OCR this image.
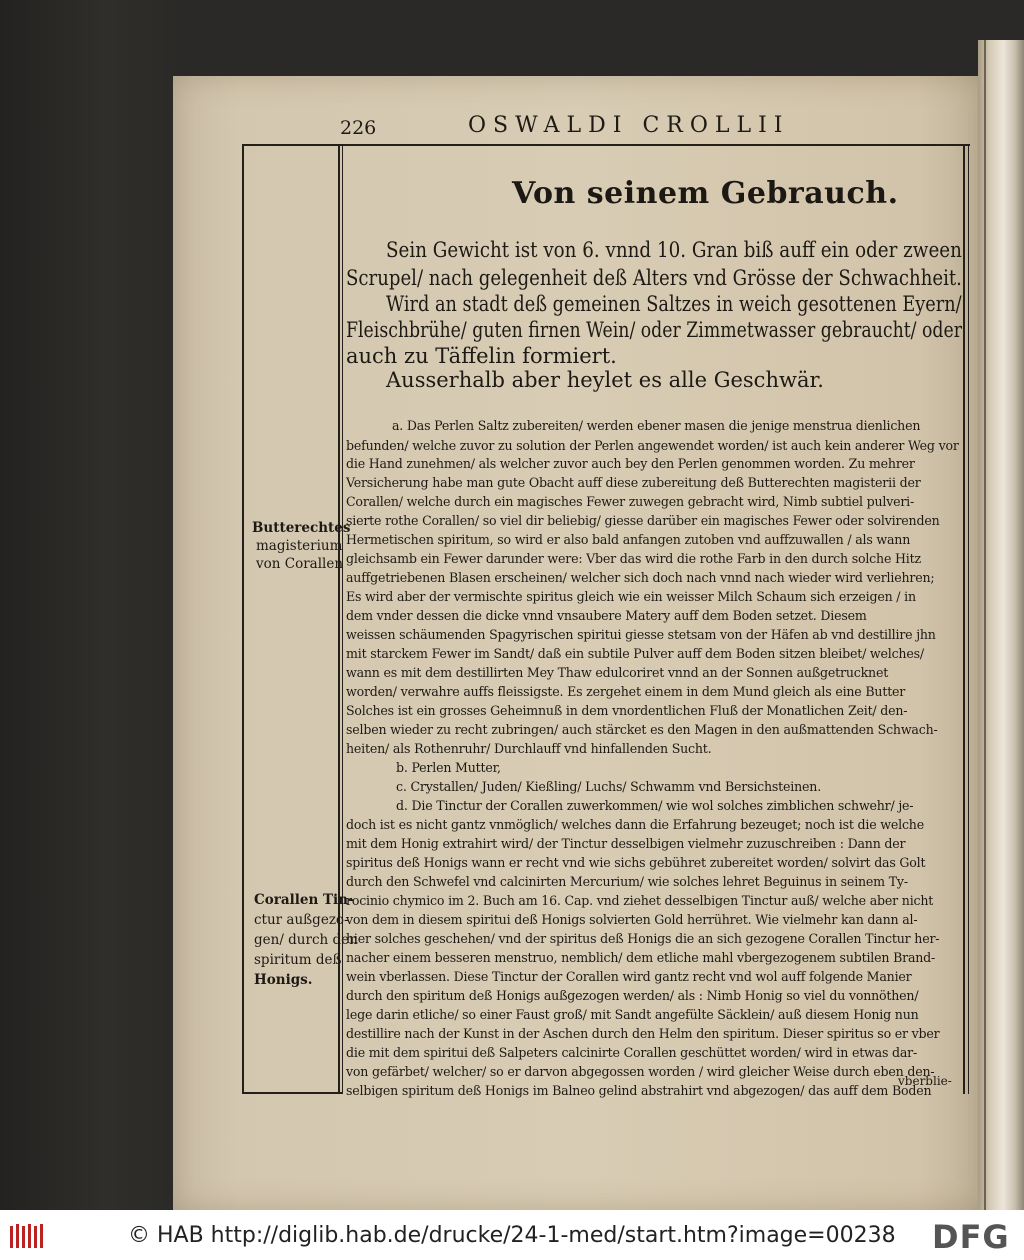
226	OSWALDI CROLLII
Von seinem Gebrauch.
Sein Gewicht ist von 6. vnnd 10. Gran biß auff ein oder zween
Scrupel/ nach gelegenheit deß Alters vnd Grösse der Schwachheit.
Wird an stadt deß gemeinen Saltzes in weich gesottenen Eyern/
Fleischbrühe/ guten firnen Wein/ oder Zimmetwasser gebraucht/ oder
auch zu Täffelin formiert.
Ausserhalb aber heylet es alle Geschwär.
a. Das Perlen Saltz zubereiten/ werden ebener masen die jenige menstrua dienlichen
befunden/ welche zuvor zu solution der Perlen angewendet worden/ ist auch kein anderer Weg vor
die Hand zunehmen/ als welcher zuvor auch bey den Perlen genommen worden. Zu mehrer
Versicherung habe man gute Obacht auff diese zubereitung deß Butterechten magisterii der
Corallen/ welche durch ein magisches Fewer zuwegen gebracht wird, Nimb subtiel pulveri-
sierte rothe Corallen/ so viel dir beliebig/ giesse darüber ein magisches Fewer oder solvirenden
Hermetischen spiritum, so wird er also bald anfangen zutoben vnd auffzuwallen / als wann
gleichsamb ein Fewer darunder were: Vber das wird die rothe Farb in den durch solche Hitz
auffgetriebenen Blasen erscheinen/ welcher sich doch nach vnnd nach wieder wird verliehren;
Es wird aber der vermischte spiritus gleich wie ein weisser Milch Schaum sich erzeigen / in
dem vnder dessen die dicke vnnd vnsaubere Matery auff dem Boden setzet. Diesem
weissen schäumenden Spagyrischen spiritui giesse stetsam von der Häfen ab vnd destillire jhn
mit starckem Fewer im Sandt/ daß ein subtile Pulver auff dem Boden sitzen bleibet/ welches/
wann es mit dem destillirten Mey Thaw edulcoriret vnnd an der Sonnen außgetrucknet
worden/ verwahre auffs fleissigste. Es zergehet einem in dem Mund gleich als eine Butter
Solches ist ein grosses Geheimnuß in dem vnordentlichen Fluß der Monatlichen Zeit/ den-
selben wieder zu recht zubringen/ auch stärcket es den Magen in den außmattenden Schwach-
heiten/ als Rothenruhr/ Durchlauff vnd hinfallenden Sucht.
b. Perlen Mutter,
c. Crystallen/ Juden/ Kießling/ Luchs/ Schwamm vnd Bersichsteinen.
d. Die Tinctur der Corallen zuwerkommen/ wie wol solches zimblichen schwehr/ je-
doch ist es nicht gantz vnmöglich/ welches dann die Erfahrung bezeuget; noch ist die welche
mit dem Honig extrahirt wird/ der Tinctur desselbigen vielmehr zuzuschreiben : Dann der
spiritus deß Honigs wann er recht vnd wie sichs gebühret zubereitet worden/ solvirt das Golt
durch den Schwefel vnd calcinirten Mercurium/ wie solches lehret Beguinus in seinem Ty-
rocinio chymico im 2. Buch am 16. Cap. vnd ziehet desselbigen Tinctur auß/ welche aber nicht
von dem in diesem spiritui deß Honigs solvierten Gold herrühret. Wie vielmehr kan dann al-
hier solches geschehen/ vnd der spiritus deß Honigs die an sich gezogene Corallen Tinctur her-
nacher einem besseren menstruo, nemblich/ dem etliche mahl vbergezogenem subtilen Brand-
wein vberlassen. Diese Tinctur der Corallen wird gantz recht vnd wol auff folgende Manier
durch den spiritum deß Honigs außgezogen werden/ als : Nimb Honig so viel du vonnöthen/
lege darin etliche/ so einer Faust groß/ mit Sandt angefülte Säcklein/ auß diesem Honig nun
destillire nach der Kunst in der Aschen durch den Helm den spiritum. Dieser spiritus so er vber
die mit dem spiritui deß Salpeters calcinirte Corallen geschüttet worden/ wird in etwas dar-
von gefärbet/ welcher/ so er darvon abgegossen worden / wird gleicher Weise durch eben den-
selbigen spiritum deß Honigs im Balneo gelind abstrahirt vnd abgezogen/ das auff dem Boden
Butterechtes
magisterium
von Corallen
Corallen Tin-
ctur außgezo-
gen/ durch den
spiritum deß
Honigs.
vberblie-
© HAB http://diglib.hab.de/drucke/24-1-med/start.htm?image=00238 DFG
